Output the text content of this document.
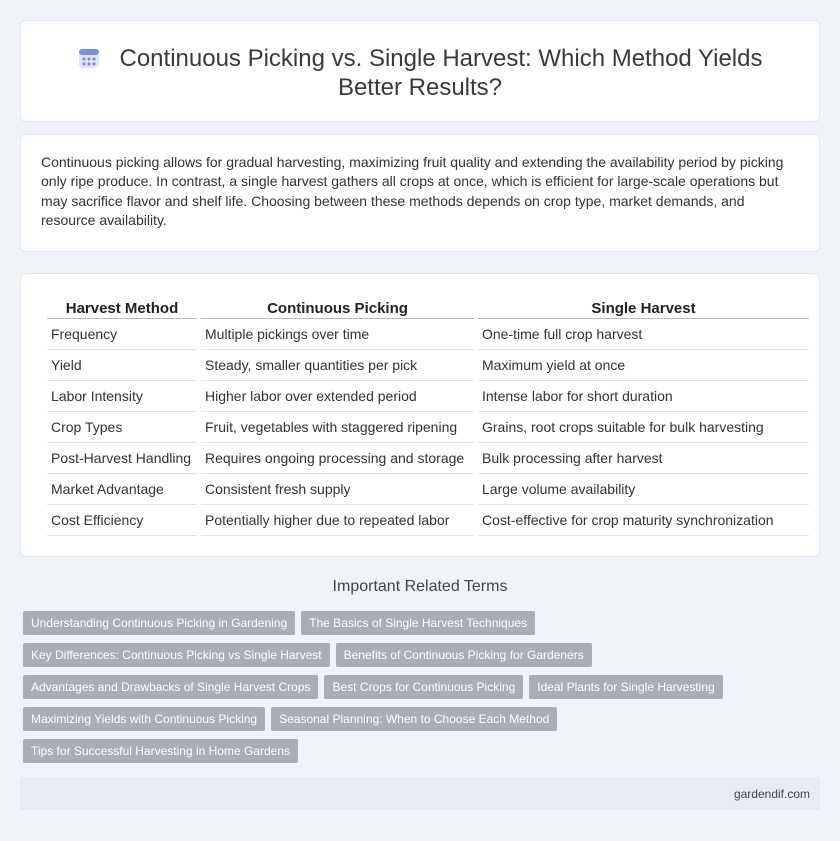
Continuous Picking vs. Single Harvest: Which Method Yields Better Results?

Continuous picking allows for gradual harvesting, maximizing fruit quality and extending the availability period by picking only ripe produce. In contrast, a single harvest gathers all crops at once, which is efficient for large-scale operations but may sacrifice flavor and shelf life. Choosing between these methods depends on crop type, market demands, and resource availability.

Harvest Method	Continuous Picking	Single Harvest
Frequency	Multiple pickings over time	One-time full crop harvest
Yield	Steady, smaller quantities per pick	Maximum yield at once
Labor Intensity	Higher labor over extended period	Intense labor for short duration
Crop Types	Fruit, vegetables with staggered ripening	Grains, root crops suitable for bulk harvesting
Post-Harvest Handling	Requires ongoing processing and storage	Bulk processing after harvest
Market Advantage	Consistent fresh supply	Large volume availability
Cost Efficiency	Potentially higher due to repeated labor	Cost-effective for crop maturity synchronization
Important Related Terms
Understanding Continuous Picking in Gardening	The Basics of Single Harvest Techniques
Key Differences: Continuous Picking vs Single Harvest	Benefits of Continuous Picking for Gardeners
Advantages and Drawbacks of Single Harvest Crops	Best Crops for Continuous Picking	Ideal Plants for Single Harvesting
Maximizing Yields with Continuous Picking	Seasonal Planning: When to Choose Each Method
Tips for Successful Harvesting in Home Gardens
gardendif.com
